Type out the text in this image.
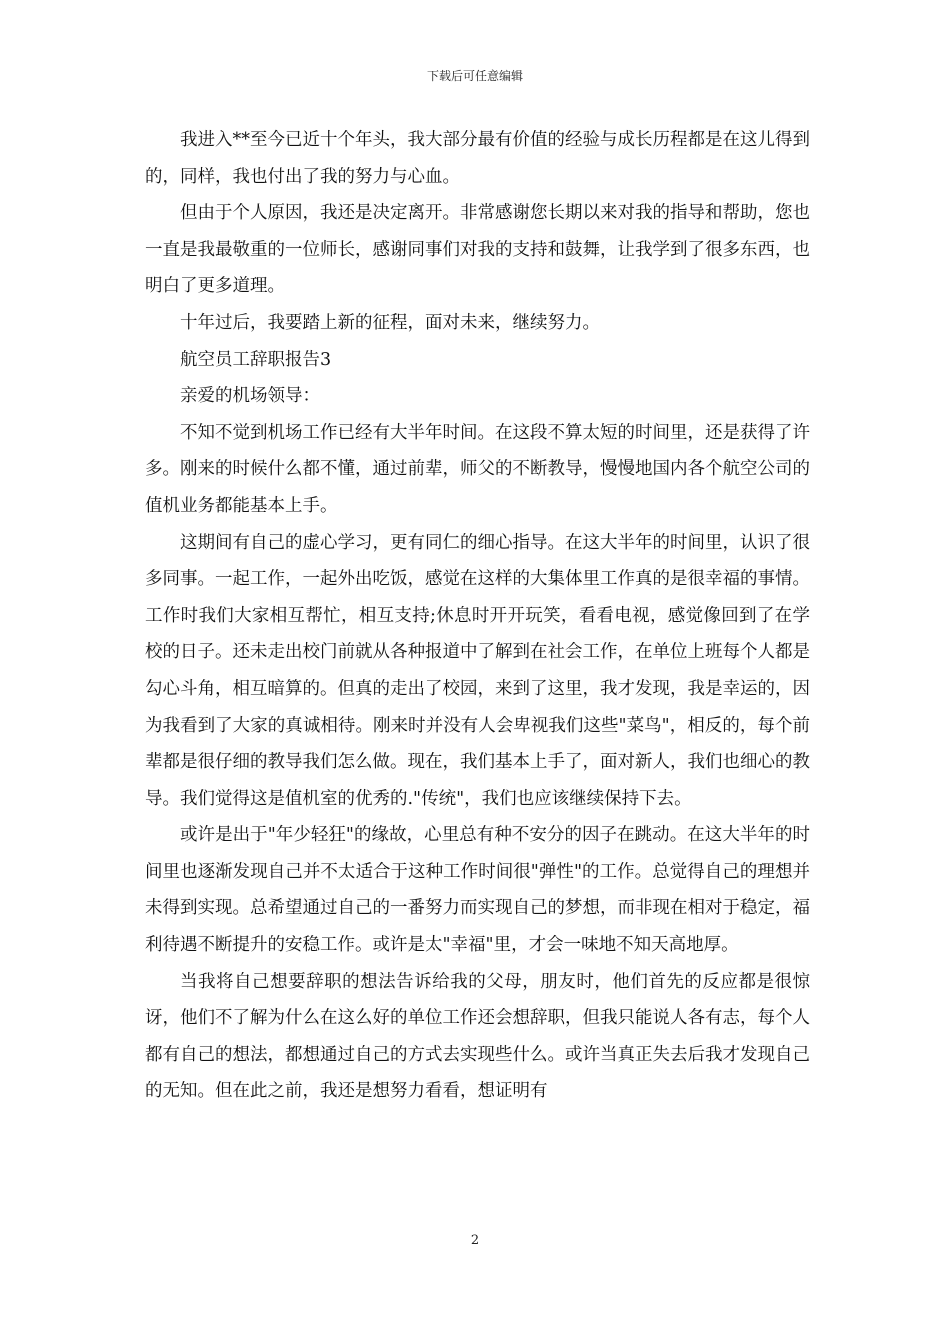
下载后可任意编辑

我进入**至今已近十个年头，我大部分最有价值的经验与成长历程都是在这儿得到的，同样，我也付出了我的努力与心血。

但由于个人原因，我还是决定离开。非常感谢您长期以来对我的指导和帮助，您也一直是我最敬重的一位师长，感谢同事们对我的支持和鼓舞，让我学到了很多东西，也明白了更多道理。

十年过后，我要踏上新的征程，面对未来，继续努力。

航空员工辞职报告3

亲爱的机场领导：

不知不觉到机场工作已经有大半年时间。在这段不算太短的时间里，还是获得了许多。刚来的时候什么都不懂，通过前辈，师父的不断教导，慢慢地国内各个航空公司的值机业务都能基本上手。

这期间有自己的虚心学习，更有同仁的细心指导。在这大半年的时间里，认识了很多同事。一起工作，一起外出吃饭，感觉在这样的大集体里工作真的是很幸福的事情。工作时我们大家相互帮忙，相互支持;休息时开开玩笑，看看电视，感觉像回到了在学校的日子。还未走出校门前就从各种报道中了解到在社会工作，在单位上班每个人都是勾心斗角，相互暗算的。但真的走出了校园，来到了这里，我才发现，我是幸运的，因为我看到了大家的真诚相待。刚来时并没有人会卑视我们这些"菜鸟"，相反的，每个前辈都是很仔细的教导我们怎么做。现在，我们基本上手了，面对新人，我们也细心的教导。我们觉得这是值机室的优秀的."传统"，我们也应该继续保持下去。

或许是出于"年少轻狂"的缘故，心里总有种不安分的因子在跳动。在这大半年的时间里也逐渐发现自己并不太适合于这种工作时间很"弹性"的工作。总觉得自己的理想并未得到实现。总希望通过自己的一番努力而实现自己的梦想，而非现在相对于稳定，福利待遇不断提升的安稳工作。或许是太"幸福"里，才会一味地不知天高地厚。

当我将自己想要辞职的想法告诉给我的父母，朋友时，他们首先的反应都是很惊讶，他们不了解为什么在这么好的单位工作还会想辞职，但我只能说人各有志，每个人都有自己的想法，都想通过自己的方式去实现些什么。或许当真正失去后我才发现自己的无知。但在此之前，我还是想努力看看，想证明有

2
